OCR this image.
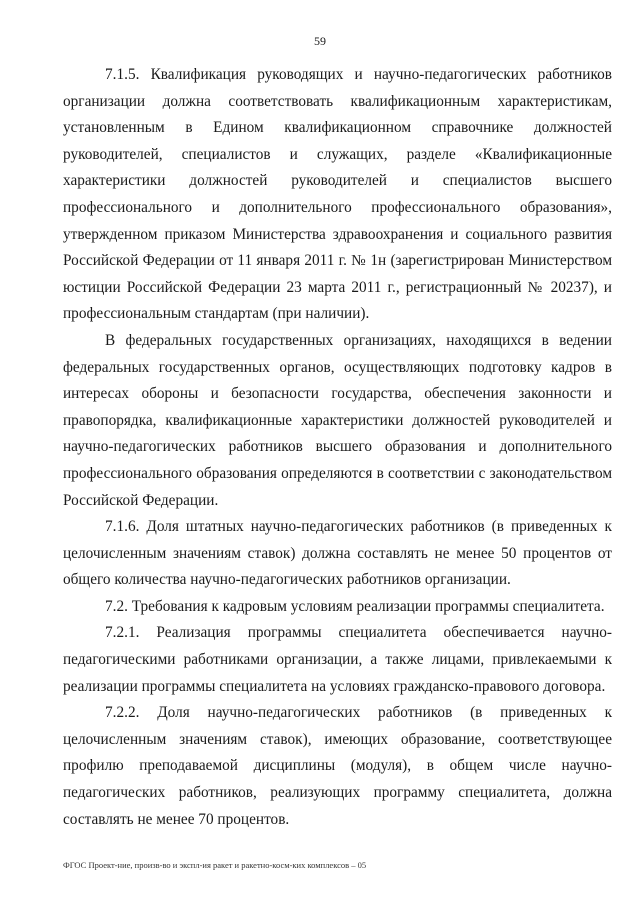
59

7.1.5. Квалификация руководящих и научно-педагогических работников организации должна соответствовать квалификационным характеристикам, установленным в Едином квалификационном справочнике должностей руководителей, специалистов и служащих, разделе «Квалификационные характеристики должностей руководителей и специалистов высшего профессионального и дополнительного профессионального образования», утвержденном приказом Министерства здравоохранения и социального развития Российской Федерации от 11 января 2011 г. № 1н (зарегистрирован Министерством юстиции Российской Федерации 23 марта 2011 г., регистрационный № 20237), и профессиональным стандартам (при наличии).

В федеральных государственных организациях, находящихся в ведении федеральных государственных органов, осуществляющих подготовку кадров в интересах обороны и безопасности государства, обеспечения законности и правопорядка, квалификационные характеристики должностей руководителей и научно-педагогических работников высшего образования и дополнительного профессионального образования определяются в соответствии с законодательством Российской Федерации.

7.1.6. Доля штатных научно-педагогических работников (в приведенных к целочисленным значениям ставок) должна составлять не менее 50 процентов от общего количества научно-педагогических работников организации.

7.2. Требования к кадровым условиям реализации программы специалитета.

7.2.1. Реализация программы специалитета обеспечивается научно-педагогическими работниками организации, а также лицами, привлекаемыми к реализации программы специалитета на условиях гражданско-правового договора.

7.2.2. Доля научно-педагогических работников (в приведенных к целочисленным значениям ставок), имеющих образование, соответствующее профилю преподаваемой дисциплины (модуля), в общем числе научно-педагогических работников, реализующих программу специалитета, должна составлять не менее 70 процентов.

ФГОС Проект-ние, произв-во и экспл-ия ракет и ракетно-косм-ких комплексов – 05
